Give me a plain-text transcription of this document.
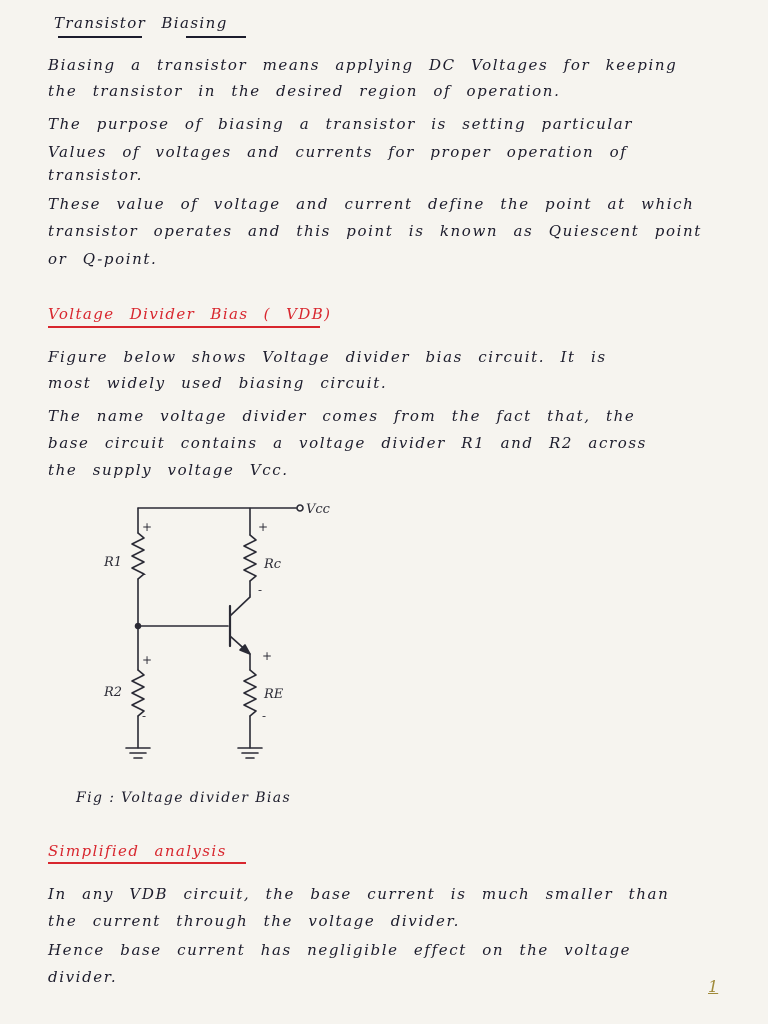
Transistor Biasing
Biasing a transistor means applying DC Voltages for keeping
the transistor in the desired region of operation.
The purpose of biasing a transistor is setting particular
Values of voltages and currents for proper operation of
transistor.
These value of voltage and current define the point at which
transistor operates and this point is known as Quiescent point
or Q-point.
Voltage Divider Bias ( VDB)
Figure below shows Voltage divider bias circuit. It is
most widely used biasing circuit.
The name voltage divider comes from the fact that, the
base circuit contains a voltage divider R1 and R2 across
the supply voltage Vcc.
Vcc
R1
R2
Rc
RE
+
-
+
-
+
-
+
-
Fig : Voltage divider Bias
Simplified analysis
In any VDB circuit, the base current is much smaller than
the current through the voltage divider.
Hence base current has negligible effect on the voltage
divider.	1
